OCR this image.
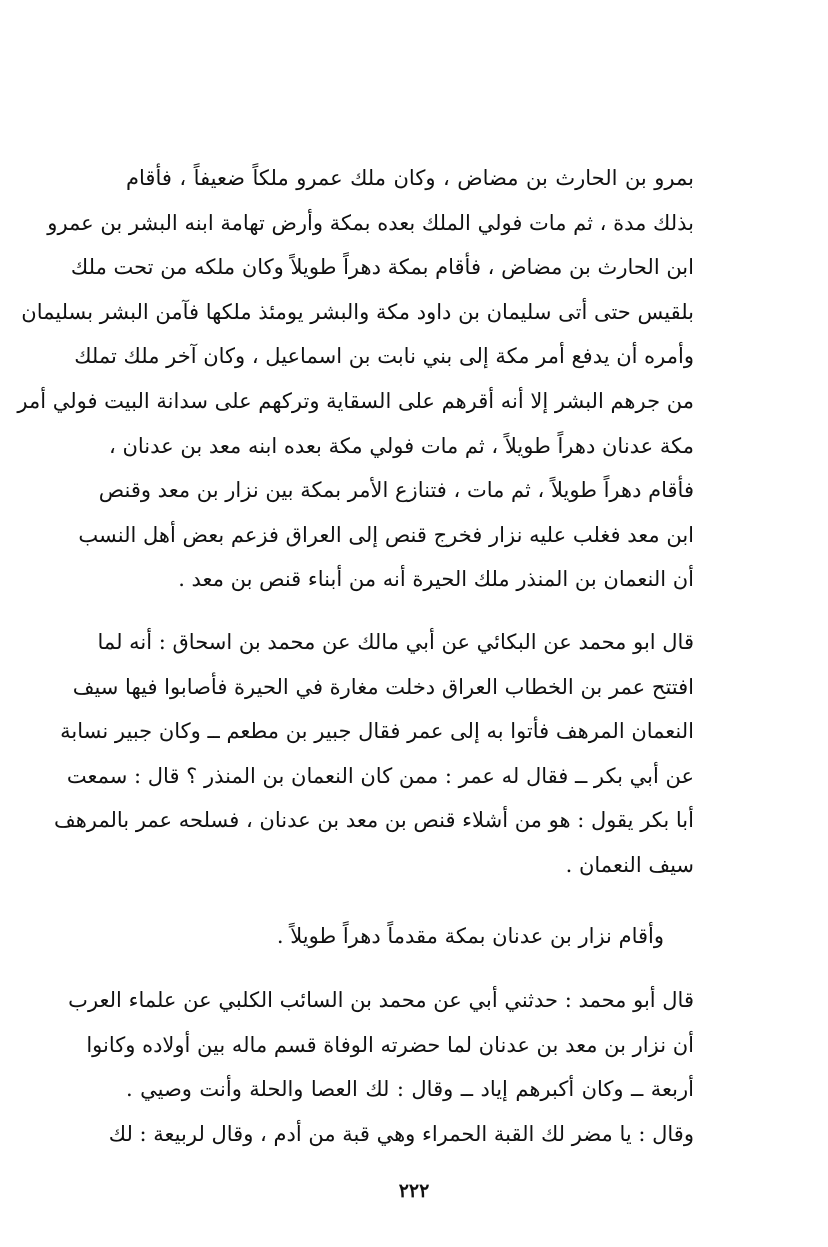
بمرو بن الحارث بن مضاض ، وكان ملك عمرو ملكاً ضعيفاً ، فأقام
بذلك مدة ، ثم مات فولي الملك بعده بمكة وأرض تهامة ابنه البشر بن عمرو
ابن الحارث بن مضاض ، فأقام بمكة دهراً طويلاً وكان ملكه من تحت ملك
بلقيس حتى أتى سليمان بن داود مكة والبشر يومئذ ملكها فآمن البشر بسليمان
وأمره أن يدفع أمر مكة إلى بني نابت بن اسماعيل ، وكان آخر ملك تملك
من جرهم البشر إلا أنه أقرهم على السقاية وتركهم على سدانة البيت فولي أمر
مكة عدنان دهراً طويلاً ، ثم مات فولي مكة بعده ابنه معد بن عدنان ،
فأقام دهراً طويلاً ، ثم مات ، فتنازع الأمر بمكة بين نزار بن معد وقنص
ابن معد فغلب عليه نزار فخرج قنص إلى العراق فزعم بعض أهل النسب
أن النعمان بن المنذر ملك الحيرة أنه من أبناء قنص بن معد .
قال ابو محمد عن البكائي عن أبي مالك عن محمد بن اسحاق : أنه لما
افتتح عمر بن الخطاب العراق دخلت مغارة في الحيرة فأصابوا فيها سيف
النعمان المرهف فأتوا به إلى عمر فقال جبير بن مطعم ــ وكان جبير نسابة
عن أبي بكر ــ فقال له عمر : ممن كان النعمان بن المنذر ؟ قال : سمعت
أبا بكر يقول : هو من أشلاء قنص بن معد بن عدنان ، فسلحه عمر بالمرهف
سيف النعمان .
وأقام نزار بن عدنان بمكة مقدماً دهراً طويلاً .
قال أبو محمد : حدثني أبي عن محمد بن السائب الكلبي عن علماء العرب
أن نزار بن معد بن عدنان لما حضرته الوفاة قسم ماله بين أولاده وكانوا
أربعة ــ وكان أكبرهم إياد ــ وقال : لك العصا والحلة وأنت وصيي .
وقال : يا مضر لك القبة الحمراء وهي قبة من أدم ، وقال لربيعة : لك
٢٢٢
